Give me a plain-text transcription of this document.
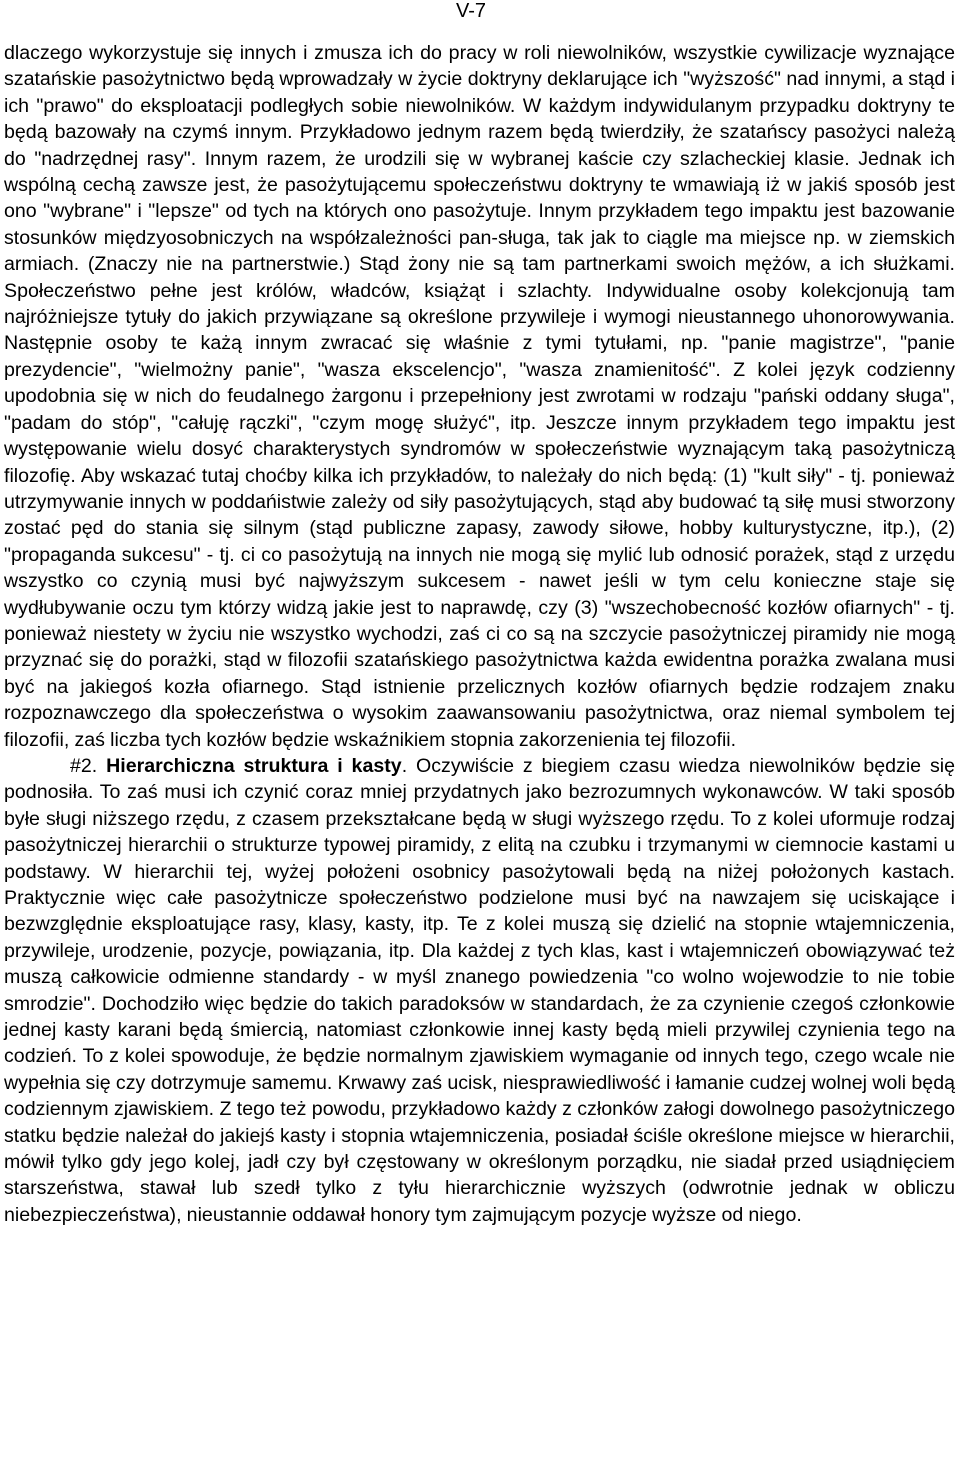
V-7

dlaczego wykorzystuje się innych i zmusza ich do pracy w roli niewolników, wszystkie cywilizacje wyznające szatańskie pasożytnictwo będą wprowadzały w życie doktryny deklarujące ich "wyższość" nad innymi, a stąd i ich "prawo" do eksploatacji podległych sobie niewolników. W każdym indywidulanym przypadku doktryny te będą bazowały na czymś innym. Przykładowo jednym razem będą twierdziły, że szatańscy pasożyci należą do "nadrzędnej rasy". Innym razem, że urodzili się w wybranej kaście czy szlacheckiej klasie. Jednak ich wspólną cechą zawsze jest, że pasożytującemu społeczeństwu doktryny te wmawiają iż w jakiś sposób jest ono "wybrane" i "lepsze" od tych na których ono pasożytuje. Innym przykładem tego impaktu jest bazowanie stosunków międzyosobniczych na współzależności pan-sługa, tak jak to ciągle ma miejsce np. w ziemskich armiach. (Znaczy nie na partnerstwie.) Stąd żony nie są tam partnerkami swoich mężów, a ich służkami. Społeczeństwo pełne jest królów, władców, książąt i szlachty. Indywidualne osoby kolekcjonują tam najróżniejsze tytuły do jakich przywiązane są określone przywileje i wymogi nieustannego uhonorowywania. Następnie osoby te każą innym zwracać się właśnie z tymi tytułami, np. "panie magistrze", "panie prezydencie", "wielmożny panie", "wasza ekscelencjo", "wasza znamienitość". Z kolei język codzienny upodobnia się w nich do feudalnego żargonu i przepełniony jest zwrotami w rodzaju "pański oddany sługa", "padam do stóp", "całuję rączki", "czym mogę służyć", itp. Jeszcze innym przykładem tego impaktu jest występowanie wielu dosyć charakterystych syndromów w społeczeństwie wyznającym taką pasożytniczą filozofię. Aby wskazać tutaj choćby kilka ich przykładów, to należały do nich będą: (1) "kult siły" - tj. ponieważ utrzymywanie innych w poddańistwie zależy od siły pasożytujących, stąd aby budować tą siłę musi stworzony zostać pęd do stania się silnym (stąd publiczne zapasy, zawody siłowe, hobby kulturystyczne, itp.), (2) "propaganda sukcesu" - tj. ci co pasożytują na innych nie mogą się mylić lub odnosić porażek, stąd z urzędu wszystko co czynią musi być najwyższym sukcesem - nawet jeśli w tym celu konieczne staje się wydłubywanie oczu tym którzy widzą jakie jest to naprawdę, czy (3) "wszechobecność kozłów ofiarnych" - tj. ponieważ niestety w życiu nie wszystko wychodzi, zaś ci co są na szczycie pasożytniczej piramidy nie mogą przyznać się do porażki, stąd w filozofii szatańskiego pasożytnictwa każda ewidentna porażka zwalana musi być na jakiegoś kozła ofiarnego. Stąd istnienie przelicznych kozłów ofiarnych będzie rodzajem znaku rozpoznawczego dla społeczeństwa o wysokim zaawansowaniu pasożytnictwa, oraz niemal symbolem tej filozofii, zaś liczba tych kozłów będzie wskaźnikiem stopnia zakorzenienia tej filozofii.

#2. Hierarchiczna struktura i kasty. Oczywiście z biegiem czasu wiedza niewolników będzie się podnosiła. To zaś musi ich czynić coraz mniej przydatnych jako bezrozumnych wykonawców. W taki sposób byłe sługi niższego rzędu, z czasem przekształcane będą w sługi wyższego rzędu. To z kolei uformuje rodzaj pasożytniczej hierarchii o strukturze typowej piramidy, z elitą na czubku i trzymanymi w ciemnocie kastami u podstawy. W hierarchii tej, wyżej położeni osobnicy pasożytowali będą na niżej położonych kastach. Praktycznie więc całe pasożytnicze społeczeństwo podzielone musi być na nawzajem się uciskające i bezwzględnie eksploatujące rasy, klasy, kasty, itp. Te z kolei muszą się dzielić na stopnie wtajemniczenia, przywileje, urodzenie, pozycje, powiązania, itp. Dla każdej z tych klas, kast i wtajemniczeń obowiązywać też muszą całkowicie odmienne standardy - w myśl znanego powiedzenia "co wolno wojewodzie to nie tobie smrodzie". Dochodziło więc będzie do takich paradoksów w standardach, że za czynienie czegoś członkowie jednej kasty karani będą śmiercią, natomiast członkowie innej kasty będą mieli przywilej czynienia tego na codzień. To z kolei spowoduje, że będzie normalnym zjawiskiem wymaganie od innych tego, czego wcale nie wypełnia się czy dotrzymuje samemu. Krwawy zaś ucisk, niesprawiedliwość i łamanie cudzej wolnej woli będą codziennym zjawiskiem. Z tego też powodu, przykładowo każdy z członków załogi dowolnego pasożytniczego statku będzie należał do jakiejś kasty i stopnia wtajemniczenia, posiadał ściśle określone miejsce w hierarchii, mówił tylko gdy jego kolej, jadł czy był częstowany w określonym porządku, nie siadał przed usiądnięciem starszeństwa, stawał lub szedł tylko z tyłu hierarchicznie wyższych (odwrotnie jednak w obliczu niebezpieczeństwa), nieustannie oddawał honory tym zajmującym pozycje wyższe od niego.
